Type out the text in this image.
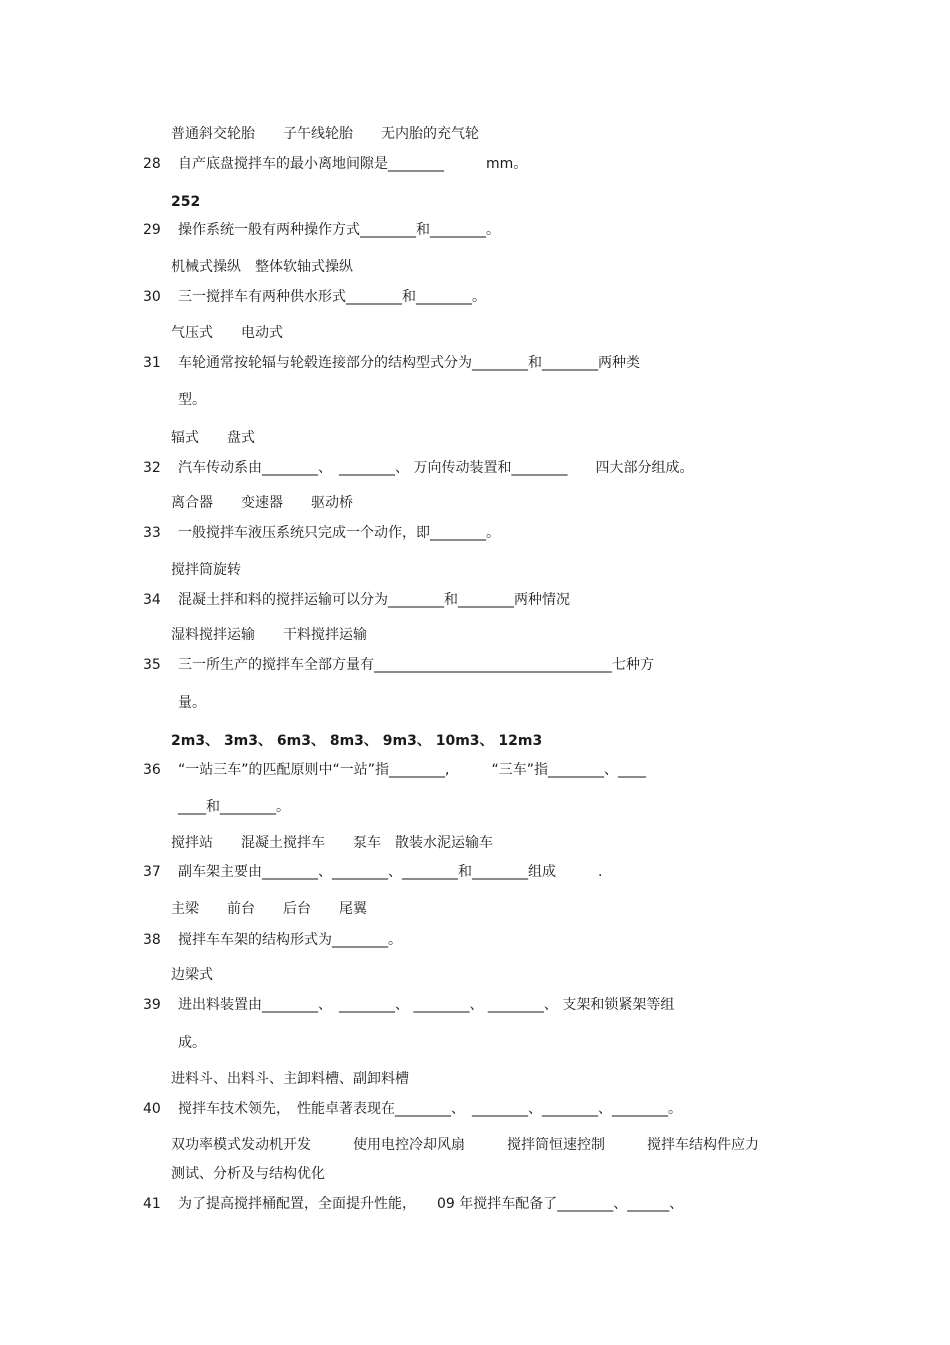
普通斜交轮胎　　子午线轮胎　　无内胎的充气轮
28 自产底盘搅拌车的最小离地间隙是________　　　mm。
252
29 操作系统一般有两种操作方式________和________。
机械式操纵　整体软轴式操纵
30 三一搅拌车有两种供水形式________和________。
气压式　　电动式
31 车轮通常按轮辐与轮毂连接部分的结构型式分为________和________两种类
型。
辐式　　盘式
32 汽车传动系由________、　________、 万向传动装置和________　　四大部分组成。
离合器　　变速器　　驱动桥
33 一般搅拌车液压系统只完成一个动作，即________。
搅拌筒旋转
34 混凝土拌和料的搅拌运输可以分为________和________两种情况
湿料搅拌运输　　干料搅拌运输
35 三一所生产的搅拌车全部方量有__________________________________七种方
量。
2m3、 3m3、 6m3、 8m3、 9m3、 10m3、 12m3
36 “一站三车”的匹配原则中“一站”指________,　　　“三车”指________、____
____和________。
搅拌站　　混凝土搅拌车　　泵车　散装水泥运输车
37 副车架主要由________、________、________和________组成　　　.
主梁　　前台　　后台　　尾翼
38 搅拌车车架的结构形式为________。
边梁式
39 进出料装置由________、　________、 ________、 ________、 支架和锁紧架等组
成。
进料斗、出料斗、主卸料槽、副卸料槽
40 搅拌车技术领先，　性能卓著表现在________、　________、________、________。
双功率模式发动机开发　　　使用电控冷却风扇　　　搅拌筒恒速控制　　　搅拌车结构件应力
测试、分析及与结构优化
41 为了提高搅拌桶配置，全面提升性能，　　09 年搅拌车配备了________、______、
